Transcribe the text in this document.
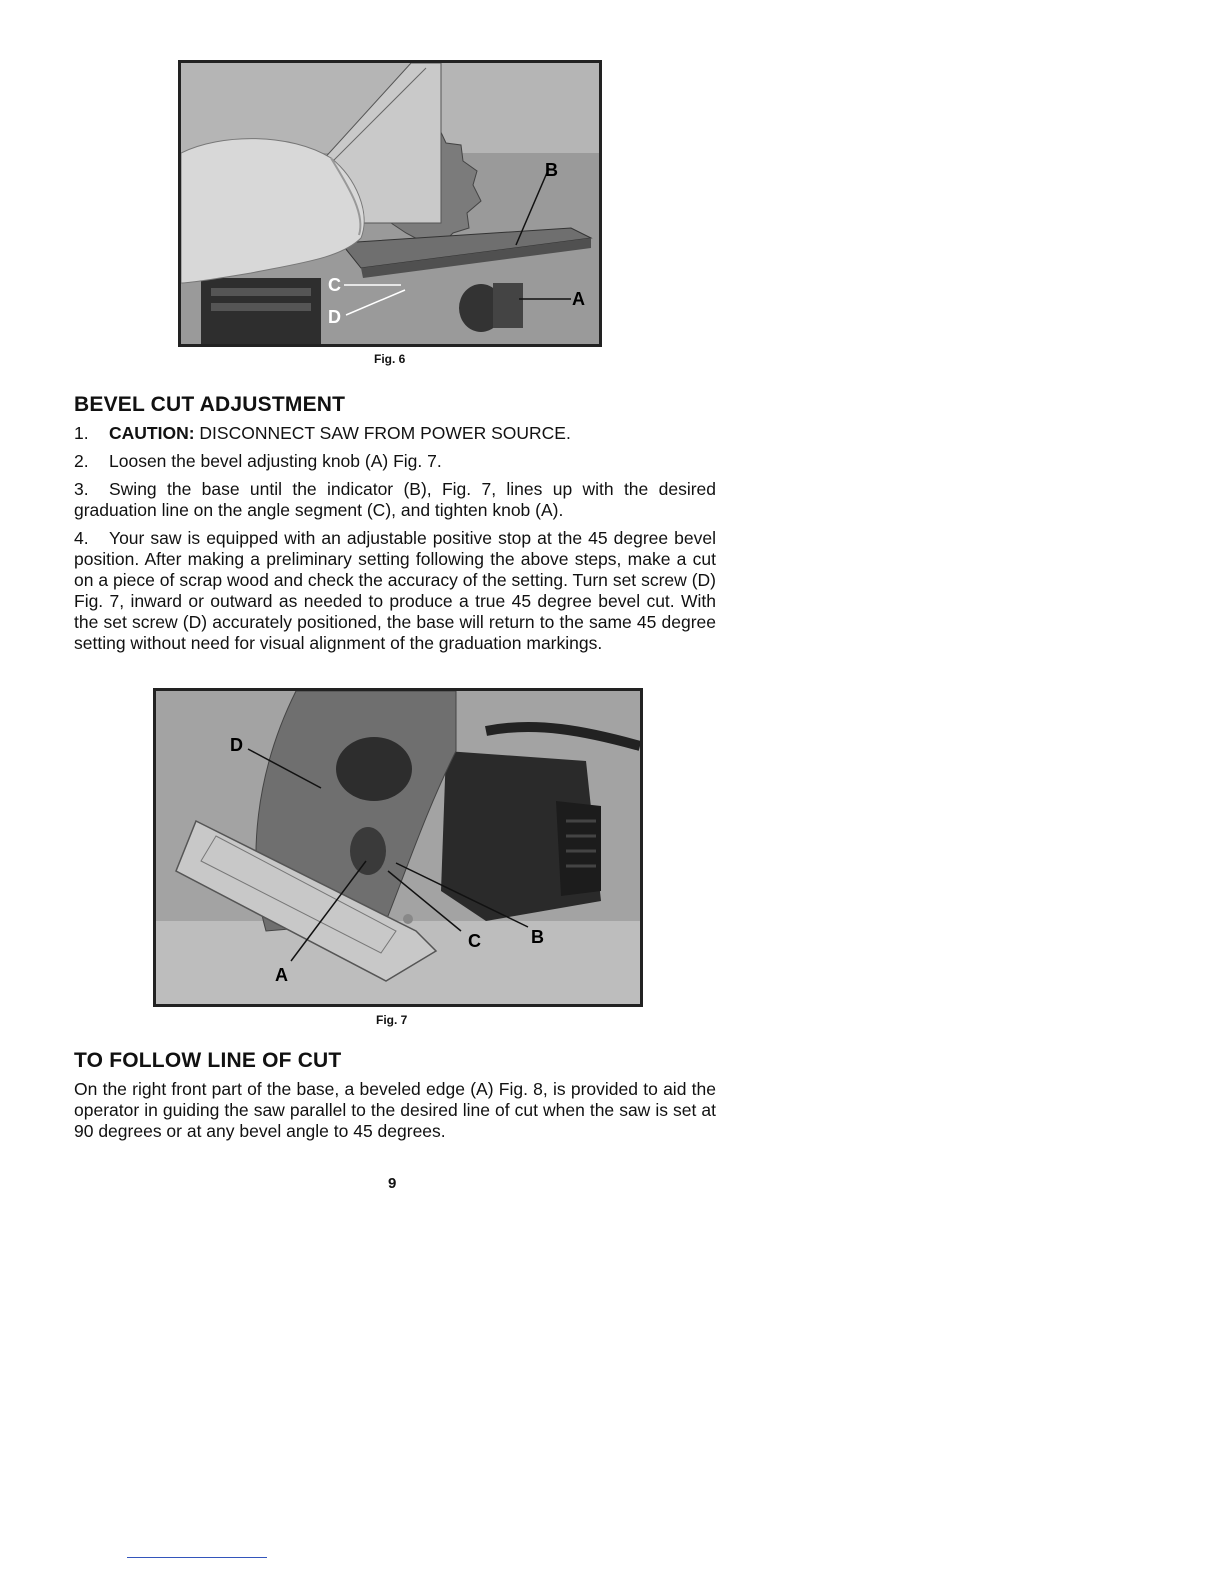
B
A
C
D
Fig. 6
BEVEL CUT ADJUSTMENT

1. CAUTION: DISCONNECT SAW FROM POWER SOURCE.

2. Loosen the bevel adjusting knob (A) Fig. 7.

3. Swing the base until the indicator (B), Fig. 7, lines up with the desired graduation line on the angle segment (C), and tighten knob (A).

4. Your saw is equipped with an adjustable positive stop at the 45 degree bevel position. After making a preliminary setting following the above steps, make a cut on a piece of scrap wood and check the accuracy of the setting. Turn set screw (D) Fig. 7, inward or outward as needed to produce a true 45 degree bevel cut. With the set screw (D) accurately positioned, the base will return to the same 45 degree setting without need for visual alignment of the graduation markings.

D
B
C
A
Fig. 7
TO FOLLOW LINE OF CUT

On the right front part of the base, a beveled edge (A) Fig. 8, is provided to aid the operator in guiding the saw parallel to the desired line of cut when the saw is set at 90 degrees or at any bevel angle to 45 degrees.

9
